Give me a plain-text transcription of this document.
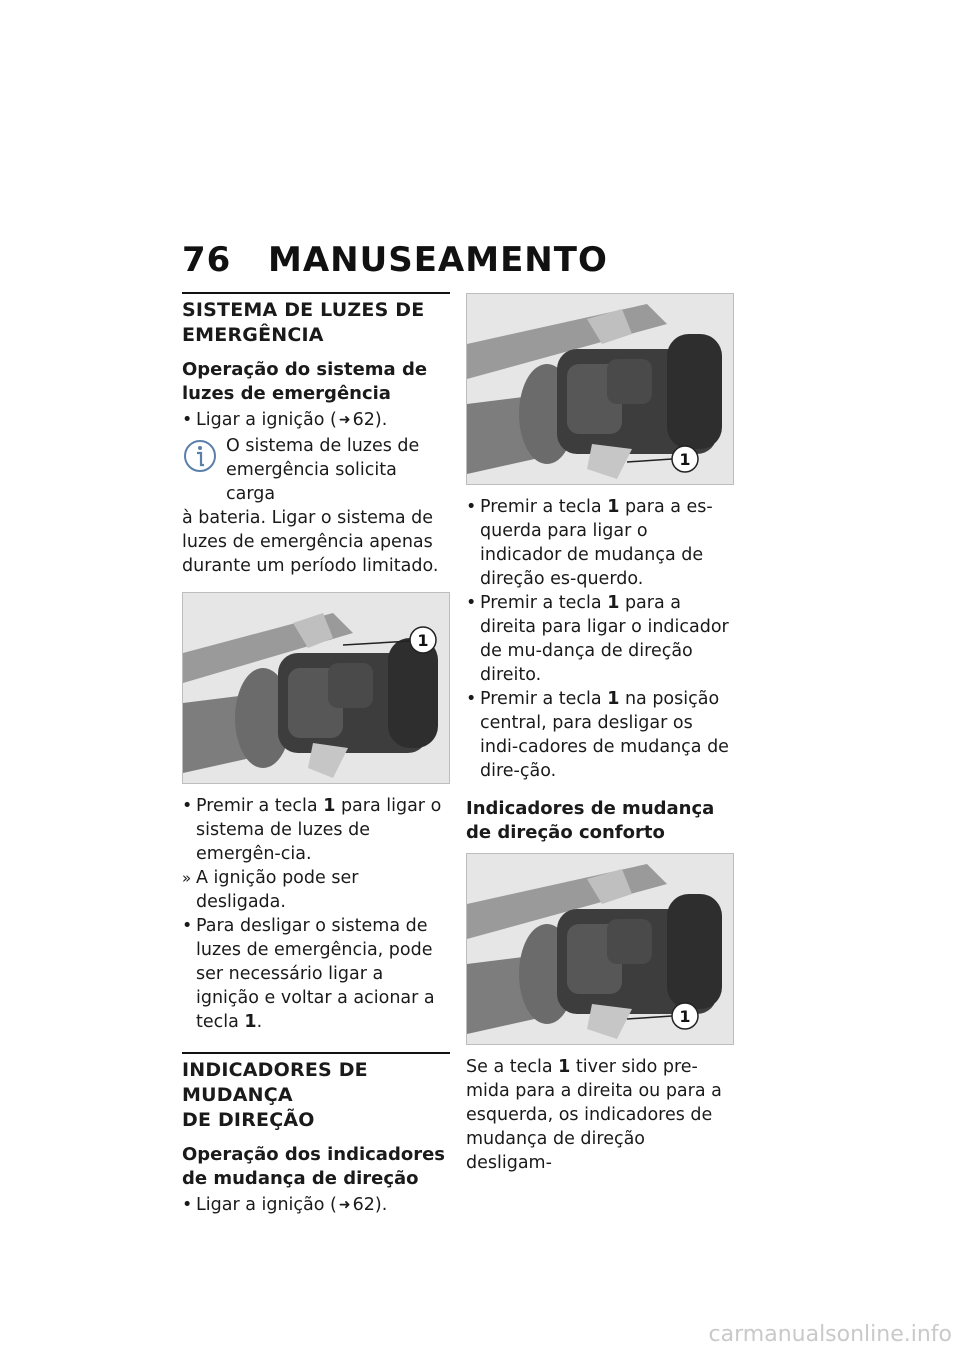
76 MANUSEAMENTO
SISTEMA DE LUZES DE
EMERGÊNCIA
Operação do sistema de luzes de emergência
• Ligar a ignição ( ➜ 62).

O sistema de luzes de

emergência solicita carga

à bateria. Ligar o sistema de luzes de emergência apenas durante um período limitado.

1
• Premir a tecla 1 para ligar o sistema de luzes de emergên-cia.
» A ignição pode ser desligada.
• Para desligar o sistema de luzes de emergência, pode ser necessário ligar a ignição e voltar a acionar a tecla 1.
INDICADORES DE MUDANÇA
DE DIREÇÃO
Operação dos indicadores de mudança de direção
• Ligar a ignição ( ➜ 62).
1
• Premir a tecla 1 para a es-querda para ligar o indicador de mudança de direção es-querdo.
• Premir a tecla 1 para a direita para ligar o indicador de mu-dança de direção direito.
• Premir a tecla 1 na posição central, para desligar os indi-cadores de mudança de dire-ção.
Indicadores de mudança de direção conforto
1

Se a tecla 1 tiver sido pre-mida para a direita ou para a esquerda, os indicadores de mudança de direção desligam-

carmanualsonline.info
